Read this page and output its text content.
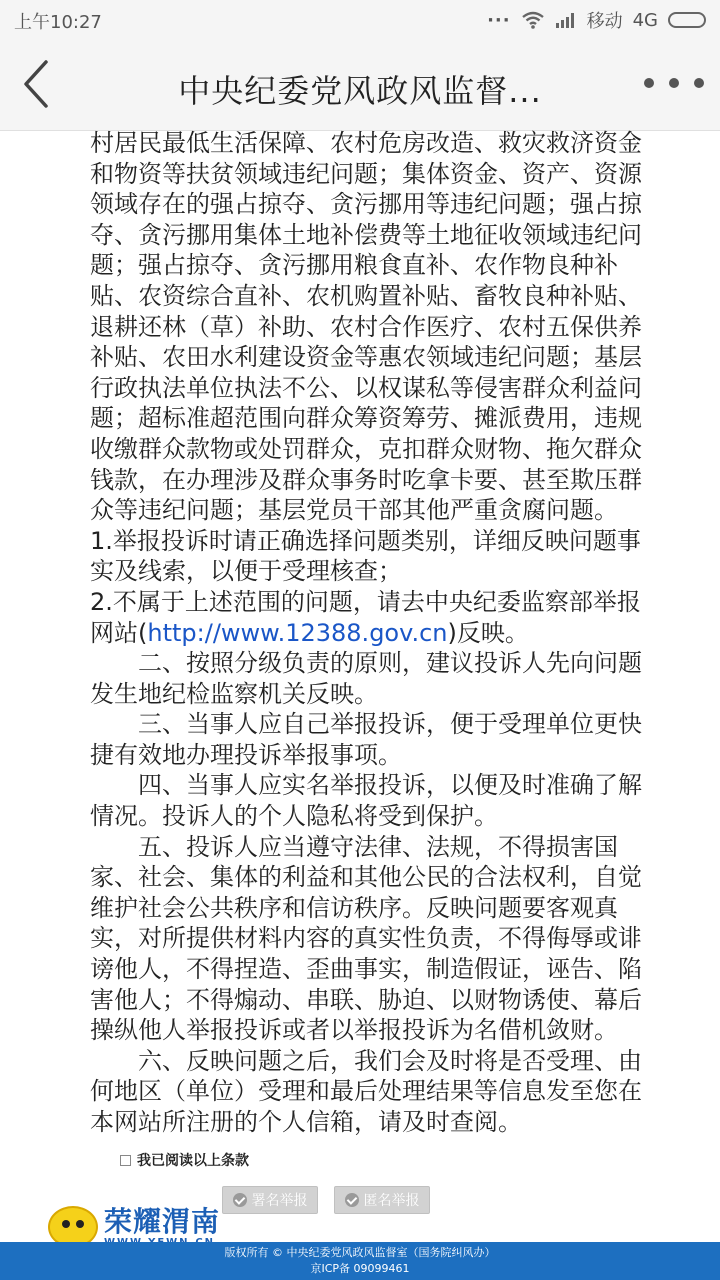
上午10:27	···	移动 4G
中央纪委党风政风监督...

村居民最低生活保障、农村危房改造、救灾救济资金和物资等扶贫领域违纪问题；集体资金、资产、资源领域存在的强占掠夺、贪污挪用等违纪问题；强占掠夺、贪污挪用集体土地补偿费等土地征收领域违纪问题；强占掠夺、贪污挪用粮食直补、农作物良种补贴、农资综合直补、农机购置补贴、畜牧良种补贴、退耕还林（草）补助、农村合作医疗、农村五保供养补贴、农田水利建设资金等惠农领域违纪问题；基层行政执法单位执法不公、以权谋私等侵害群众利益问题；超标准超范围向群众筹资筹劳、摊派费用，违规收缴群众款物或处罚群众，克扣群众财物、拖欠群众钱款，在办理涉及群众事务时吃拿卡要、甚至欺压群众等违纪问题；基层党员干部其他严重贪腐问题。

1.举报投诉时请正确选择问题类别，详细反映问题事实及线索，以便于受理核查；

2.不属于上述范围的问题，请去中央纪委监察部举报网站(http://www.12388.gov.cn)反映。

二、按照分级负责的原则，建议投诉人先向问题发生地纪检监察机关反映。

三、当事人应自己举报投诉，便于受理单位更快捷有效地办理投诉举报事项。

四、当事人应实名举报投诉，以便及时准确了解情况。投诉人的个人隐私将受到保护。

五、投诉人应当遵守法律、法规，不得损害国家、社会、集体的利益和其他公民的合法权利，自觉维护社会公共秩序和信访秩序。反映问题要客观真实，对所提供材料内容的真实性负责，不得侮辱或诽谤他人，不得捏造、歪曲事实，制造假证，诬告、陷害他人；不得煽动、串联、胁迫、以财物诱使、幕后操纵他人举报投诉或者以举报投诉为名借机敛财。

六、反映问题之后，我们会及时将是否受理、由何地区（单位）受理和最后处理结果等信息发至您在本网站所注册的个人信箱，请及时查阅。

我已阅读以上条款
署名举报	匿名举报
荣耀渭南
版权所有 © 中央纪委党风政风监督室（国务院纠风办）
京ICP备 09099461
